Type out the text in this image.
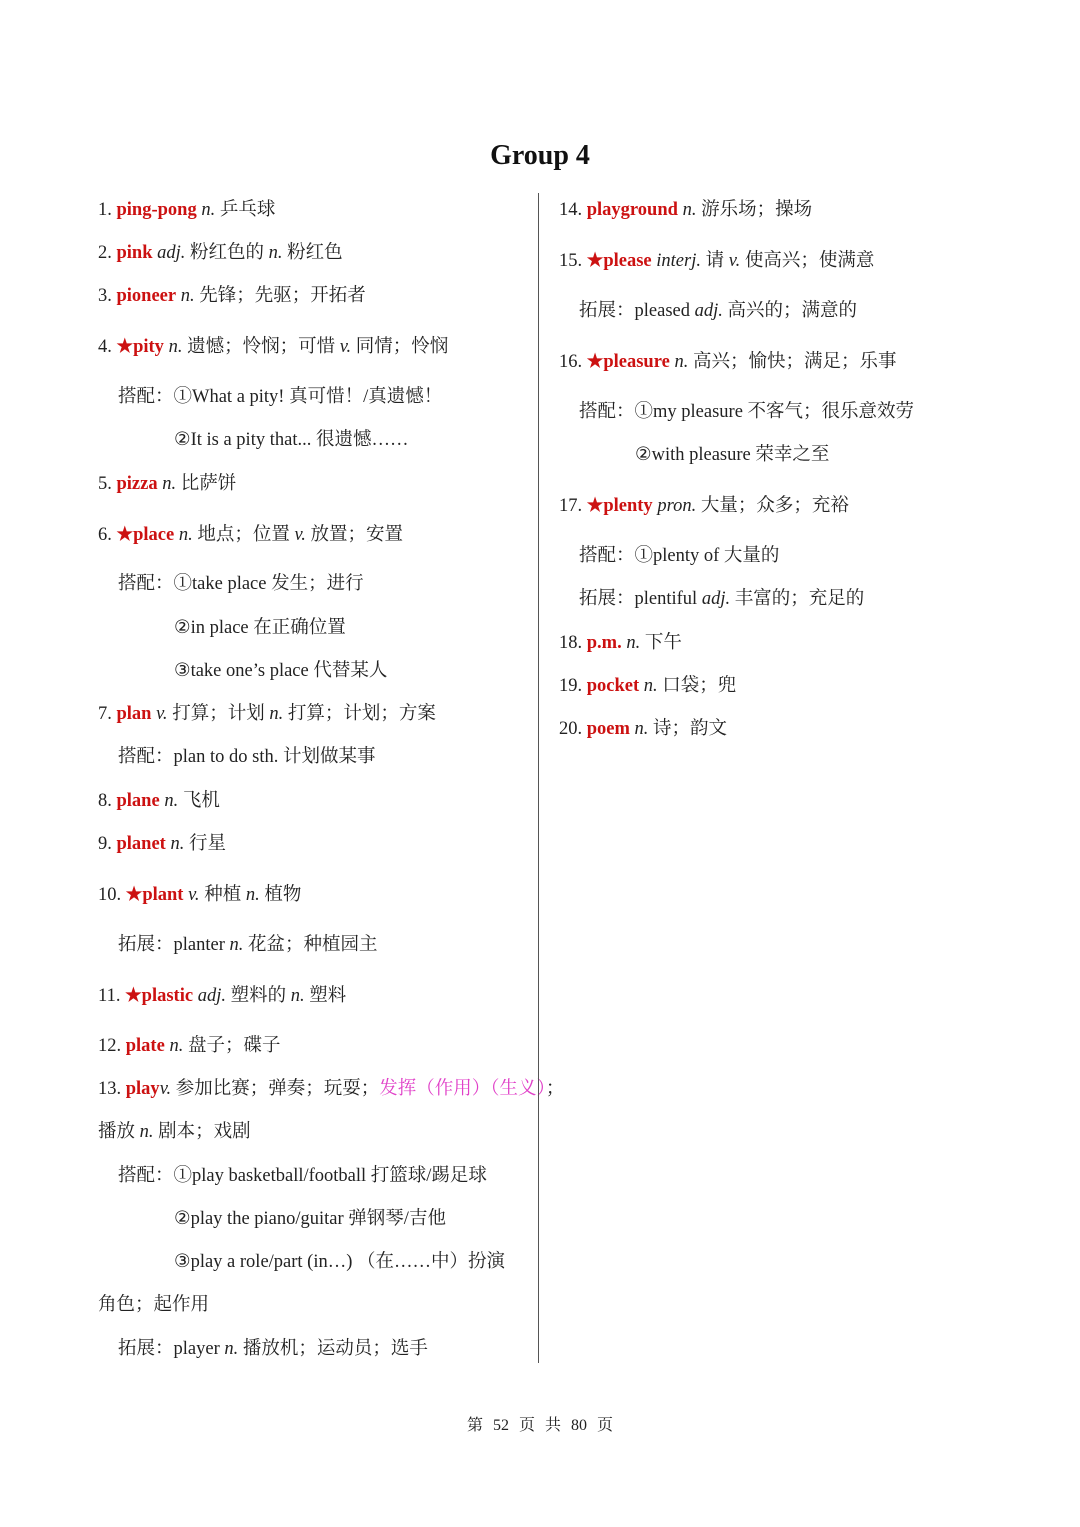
Group 4
1. ping-pong n. 乒乓球
2. pink adj. 粉红色的 n. 粉红色
3. pioneer n. 先锋；先驱；开拓者
4. ★pity n. 遗憾；怜悯；可惜 v. 同情；怜悯
搭配：①What a pity! 真可惜！/真遗憾！
②It is a pity that... 很遗憾……
5. pizza n. 比萨饼
6. ★place n. 地点；位置 v. 放置；安置
搭配：①take place 发生；进行
②in place 在正确位置
③take one’s place 代替某人
7. plan v. 打算；计划 n. 打算；计划；方案
搭配：plan to do sth. 计划做某事
8. plane n. 飞机
9. planet n. 行星
10. ★plant v. 种植 n. 植物
拓展：planter n. 花盆；种植园主
11. ★plastic adj. 塑料的 n. 塑料
12. plate n. 盘子；碟子
13. playv. 参加比赛；弹奏；玩耍；发挥（作用）（生义）；
播放 n. 剧本；戏剧
搭配：①play basketball/football 打篮球/踢足球
②play the piano/guitar 弹钢琴/吉他
③play a role/part (in…) （在……中）扮演
角色；起作用
拓展：player n. 播放机；运动员；选手
14. playground n. 游乐场；操场
15. ★please interj. 请 v. 使高兴；使满意
拓展：pleased adj. 高兴的；满意的
16. ★pleasure n. 高兴；愉快；满足；乐事
搭配：①my pleasure 不客气；很乐意效劳
②with pleasure 荣幸之至
17. ★plenty pron. 大量；众多；充裕
搭配：①plenty of 大量的
拓展：plentiful adj. 丰富的；充足的
18. p.m. n. 下午
19. pocket n. 口袋；兜
20. poem n. 诗；韵文
第 52 页 共 80 页
